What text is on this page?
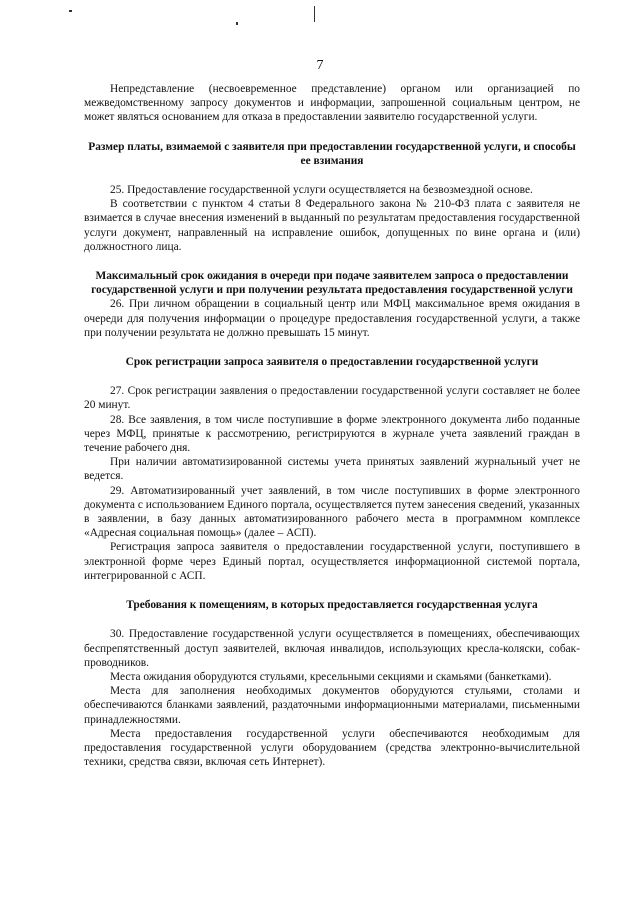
7

Непредставление (несвоевременное представление) органом или организацией по межведомственному запросу документов и информации, запрошенной социальным центром, не может являться основанием для отказа в предоставлении заявителю государственной услуги.

Размер платы, взимаемой с заявителя при предоставлении государственной услуги, и способы ее взимания

25. Предоставление государственной услуги осуществляется на безвозмездной основе.

В соответствии с пунктом 4 статьи 8 Федерального закона № 210-ФЗ плата с заявителя не взимается в случае внесения изменений в выданный по результатам предоставления государственной услуги документ, направленный на исправление ошибок, допущенных по вине органа и (или) должностного лица.

Максимальный срок ожидания в очереди при подаче заявителем запроса о предоставлении государственной услуги и при получении результата предоставления государственной услуги

26. При личном обращении в социальный центр или МФЦ максимальное время ожидания в очереди для получения информации о процедуре предоставления государственной услуги, а также при получении результата не должно превышать 15 минут.

Срок регистрации запроса заявителя о предоставлении государственной услуги

27. Срок регистрации заявления о предоставлении государственной услуги составляет не более 20 минут.

28. Все заявления, в том числе поступившие в форме электронного документа либо поданные через МФЦ, принятые к рассмотрению, регистрируются в журнале учета заявлений граждан в течение рабочего дня.

При наличии автоматизированной системы учета принятых заявлений журнальный учет не ведется.

29. Автоматизированный учет заявлений, в том числе поступивших в форме электронного документа с использованием Единого портала, осуществляется путем занесения сведений, указанных в заявлении, в базу данных автоматизированного рабочего места в программном комплексе «Адресная социальная помощь» (далее – АСП).

Регистрация запроса заявителя о предоставлении государственной услуги, поступившего в электронной форме через Единый портал, осуществляется информационной системой портала, интегрированной с АСП.

Требования к помещениям, в которых предоставляется государственная услуга

30. Предоставление государственной услуги осуществляется в помещениях, обеспечивающих беспрепятственный доступ заявителей, включая инвалидов, использующих кресла-коляски, собак-проводников.

Места ожидания оборудуются стульями, кресельными секциями и скамьями (банкетками).

Места для заполнения необходимых документов оборудуются стульями, столами и обеспечиваются бланками заявлений, раздаточными информационными материалами, письменными принадлежностями.

Места предоставления государственной услуги обеспечиваются необходимым для предоставления государственной услуги оборудованием (средства электронно-вычислительной техники, средства связи, включая сеть Интернет).
